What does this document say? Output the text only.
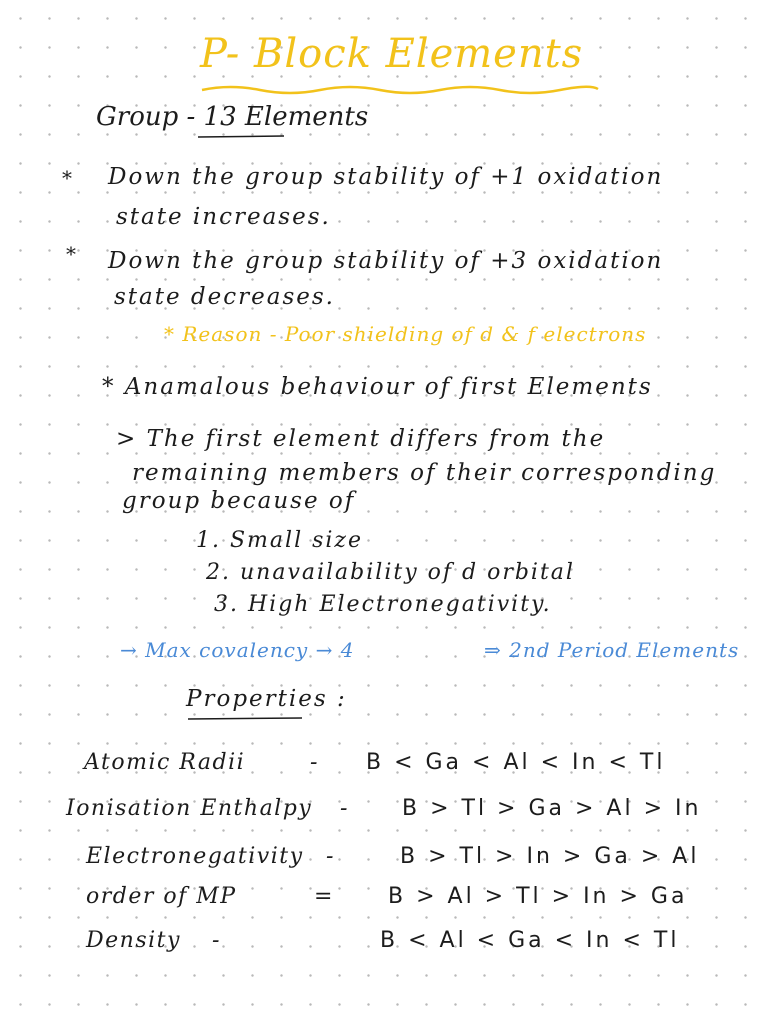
P- Block Elements
Group - 13 Elements
* Down the group stability of +1 oxidation
state increases.
* Down the group stability of +3 oxidation
state decreases.
* Reason - Poor shielding of d & f electrons
* Anamalous behaviour of first Elements
> The first element differs from the
remaining members of their corresponding
group because of
1. Small size
2. unavailability of d orbital
3. High Electronegativity.
→ Max covalency → 4	⇒ 2nd Period Elements
Properties :
Atomic Radii	- B < Ga < Al < In < Tl
Ionisation Enthalpy - B > Tl > Ga > Al > In
Electronegativity -	B > Tl > In > Ga > Al
order of MP	= B > Al > Tl > In > Ga
Density -	B < Al < Ga < In < Tl
